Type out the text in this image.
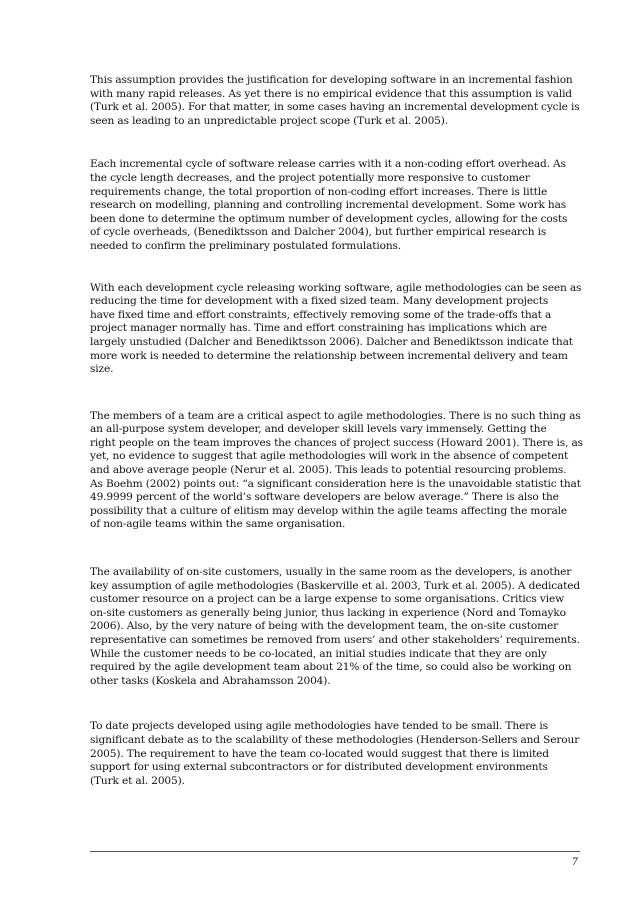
This assumption provides the justification for developing software in an incremental fashion
with many rapid releases. As yet there is no empirical evidence that this assumption is valid
(Turk et al. 2005). For that matter, in some cases having an incremental development cycle is
seen as leading to an unpredictable project scope (Turk et al. 2005).

Each incremental cycle of software release carries with it a non-coding effort overhead. As
the cycle length decreases, and the project potentially more responsive to customer
requirements change, the total proportion of non-coding effort increases. There is little
research on modelling, planning and controlling incremental development. Some work has
been done to determine the optimum number of development cycles, allowing for the costs
of cycle overheads, (Benediktsson and Dalcher 2004), but further empirical research is
needed to confirm the preliminary postulated formulations.

With each development cycle releasing working software, agile methodologies can be seen as
reducing the time for development with a fixed sized team. Many development projects
have fixed time and effort constraints, effectively removing some of the trade-offs that a
project manager normally has. Time and effort constraining has implications which are
largely unstudied (Dalcher and Benediktsson 2006). Dalcher and Benediktsson indicate that
more work is needed to determine the relationship between incremental delivery and team
size.

The members of a team are a critical aspect to agile methodologies. There is no such thing as
an all-purpose system developer, and developer skill levels vary immensely. Getting the
right people on the team improves the chances of project success (Howard 2001). There is, as
yet, no evidence to suggest that agile methodologies will work in the absence of competent
and above average people (Nerur et al. 2005). This leads to potential resourcing problems.
As Boehm (2002) points out: “a significant consideration here is the unavoidable statistic that
49.9999 percent of the world’s software developers are below average.” There is also the
possibility that a culture of elitism may develop within the agile teams affecting the morale
of non-agile teams within the same organisation.

The availability of on-site customers, usually in the same room as the developers, is another
key assumption of agile methodologies (Baskerville et al. 2003, Turk et al. 2005). A dedicated
customer resource on a project can be a large expense to some organisations. Critics view
on-site customers as generally being junior, thus lacking in experience (Nord and Tomayko
2006). Also, by the very nature of being with the development team, the on-site customer
representative can sometimes be removed from users’ and other stakeholders’ requirements.
While the customer needs to be co-located, an initial studies indicate that they are only
required by the agile development team about 21% of the time, so could also be working on
other tasks (Koskela and Abrahamsson 2004).

To date projects developed using agile methodologies have tended to be small. There is
significant debate as to the scalability of these methodologies (Henderson-Sellers and Serour
2005). The requirement to have the team co-located would suggest that there is limited
support for using external subcontractors or for distributed development environments
(Turk et al. 2005).

7
